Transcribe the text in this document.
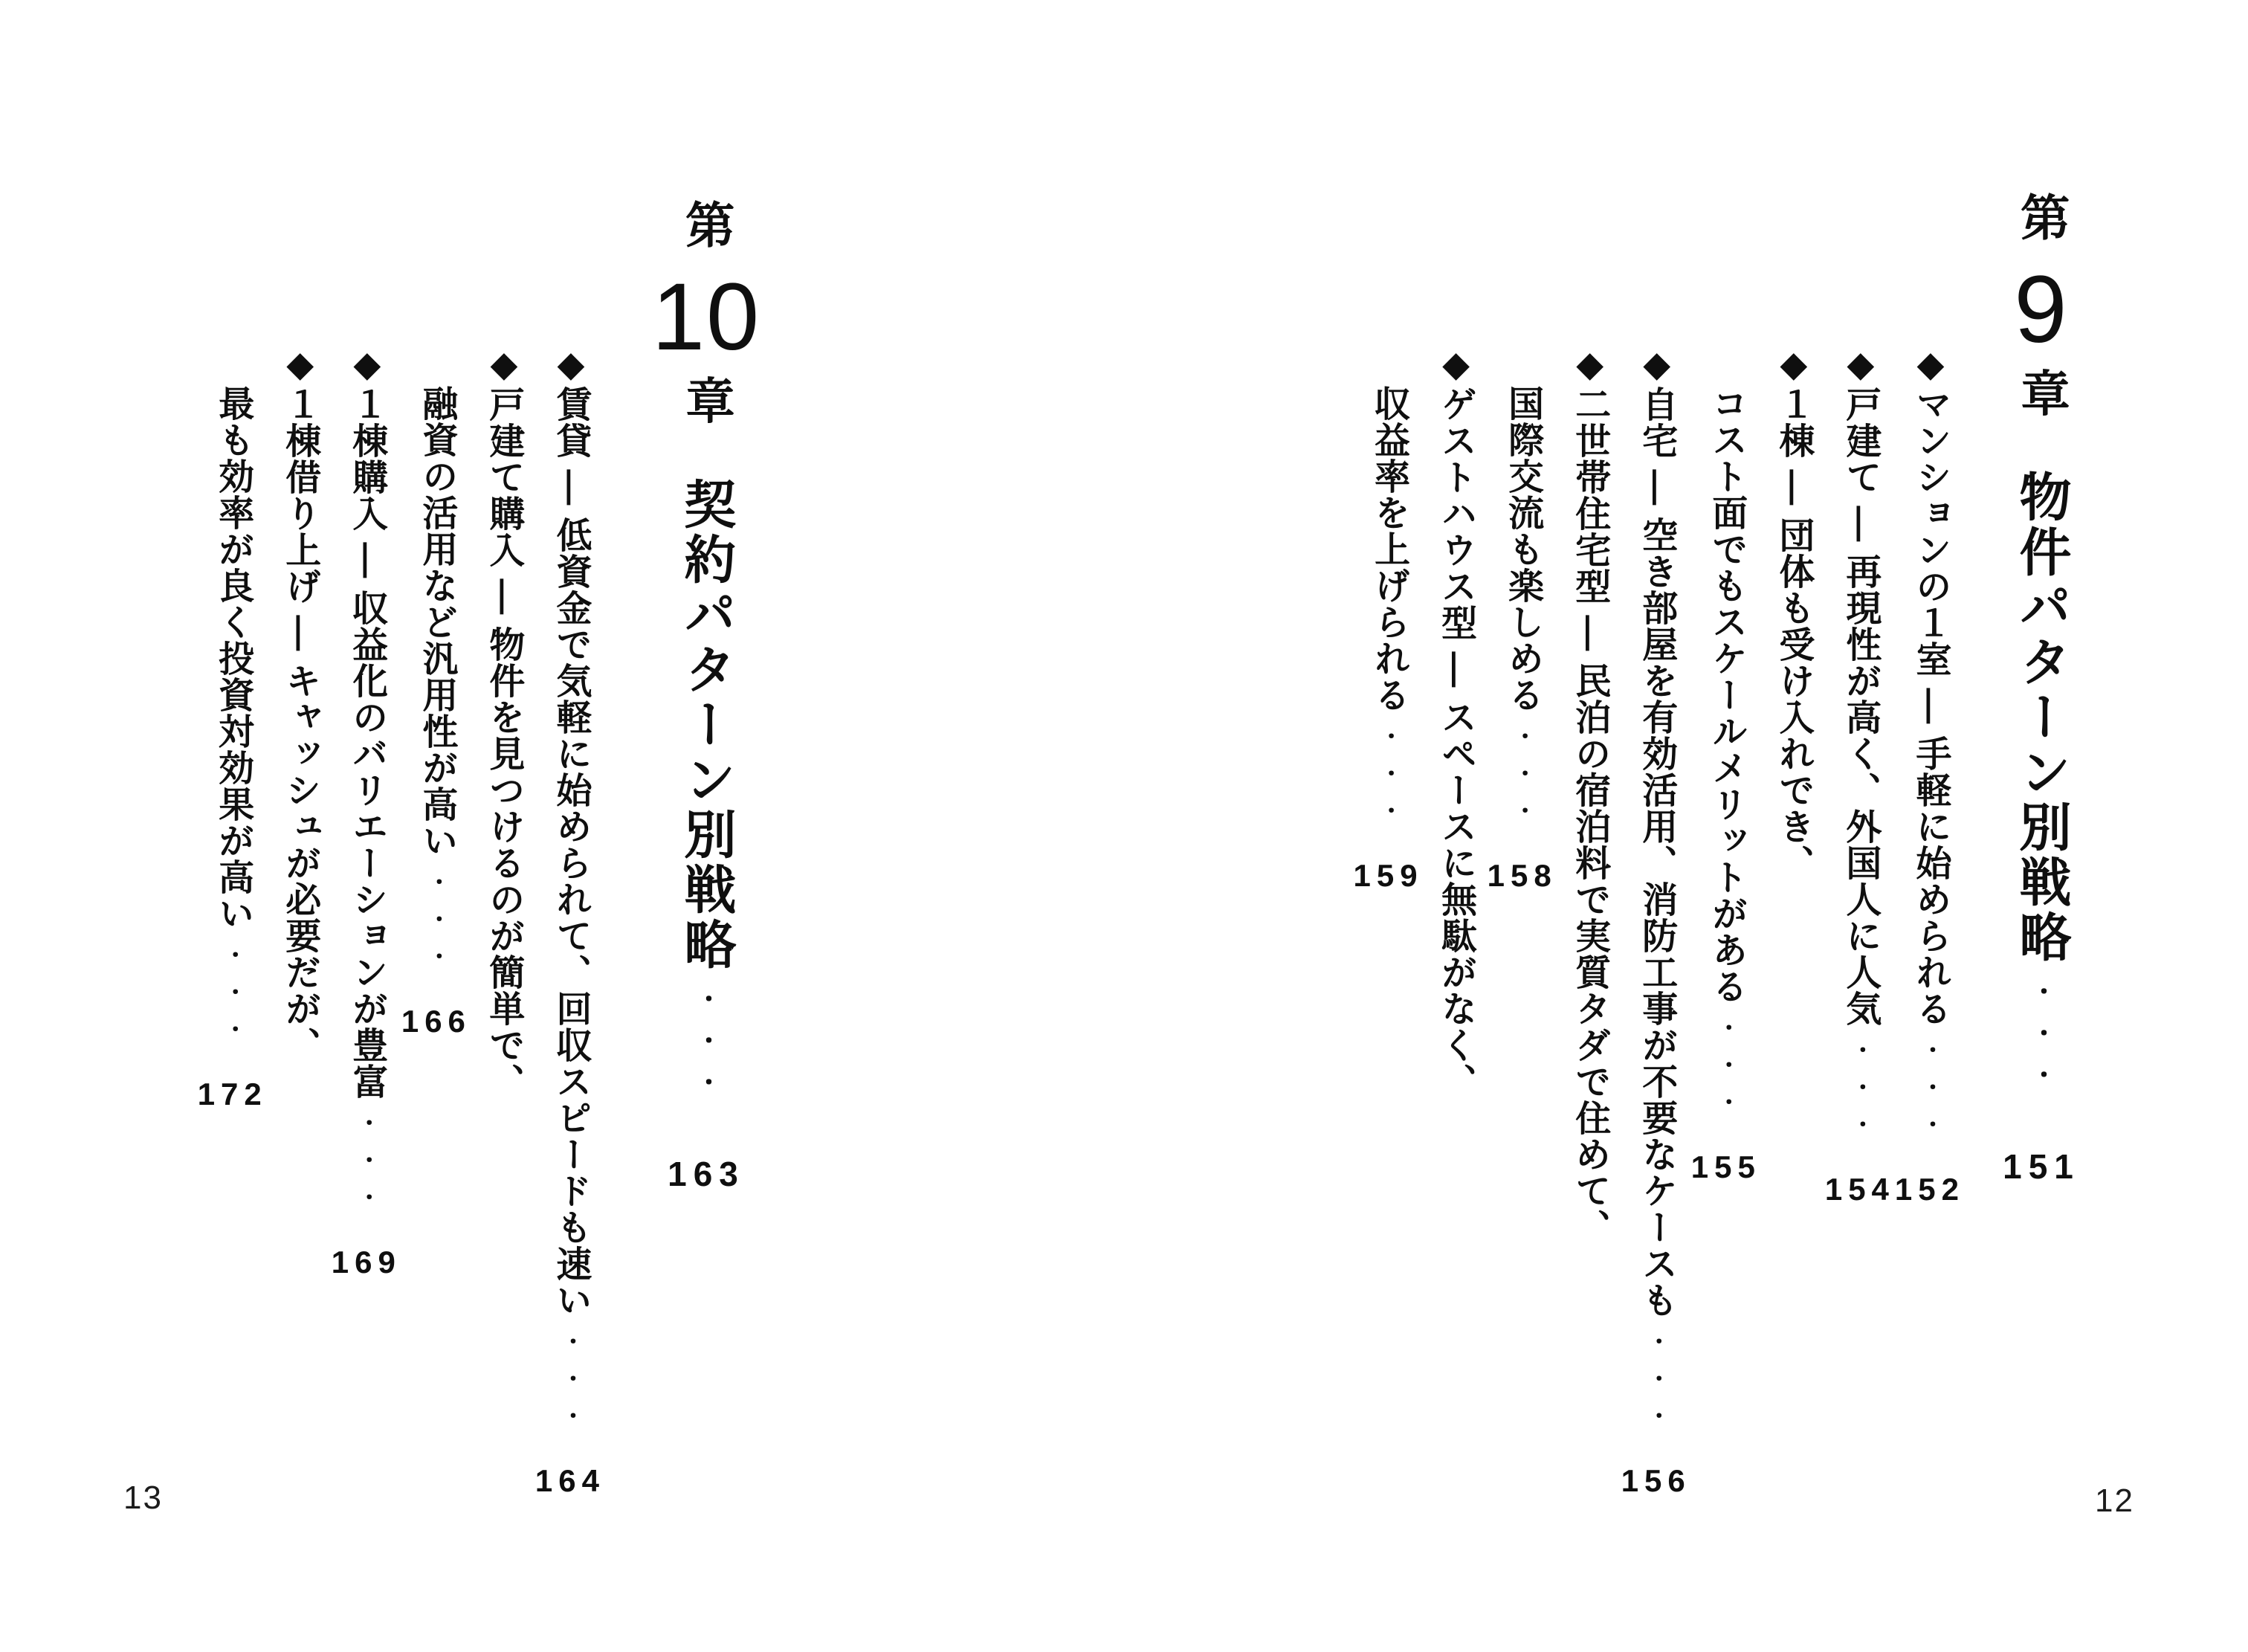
第9章物件パターン別戦略・・・151
◆マンションの１室 ― 手軽に始められる・・・152
◆戸建て ― 再現性が高く、外国人に人気・・・154
◆１棟 ― 団体も受け入れでき、
コスト面でもスケールメリットがある・・・155
◆自宅 ― 空き部屋を有効活用、消防工事が不要なケースも・・・156
◆二世帯住宅型 ― 民泊の宿泊料で実質タダで住めて、
国際交流も楽しめる・・・158
◆ゲストハウス型 ― スペースに無駄がなく、
収益率を上げられる・・・159
第10章契約パターン別戦略・・・163
◆賃貸 ― 低資金で気軽に始められて、回収スピードも速い・・・164
◆戸建て購入 ― 物件を見つけるのが簡単で、
融資の活用など汎用性が高い・・・166
◆１棟購入 ― 収益化のバリエーションが豊富・・・169
◆１棟借り上げ ― キャッシュが必要だが、
最も効率が良く投資対効果が高い・・・172
13	12
